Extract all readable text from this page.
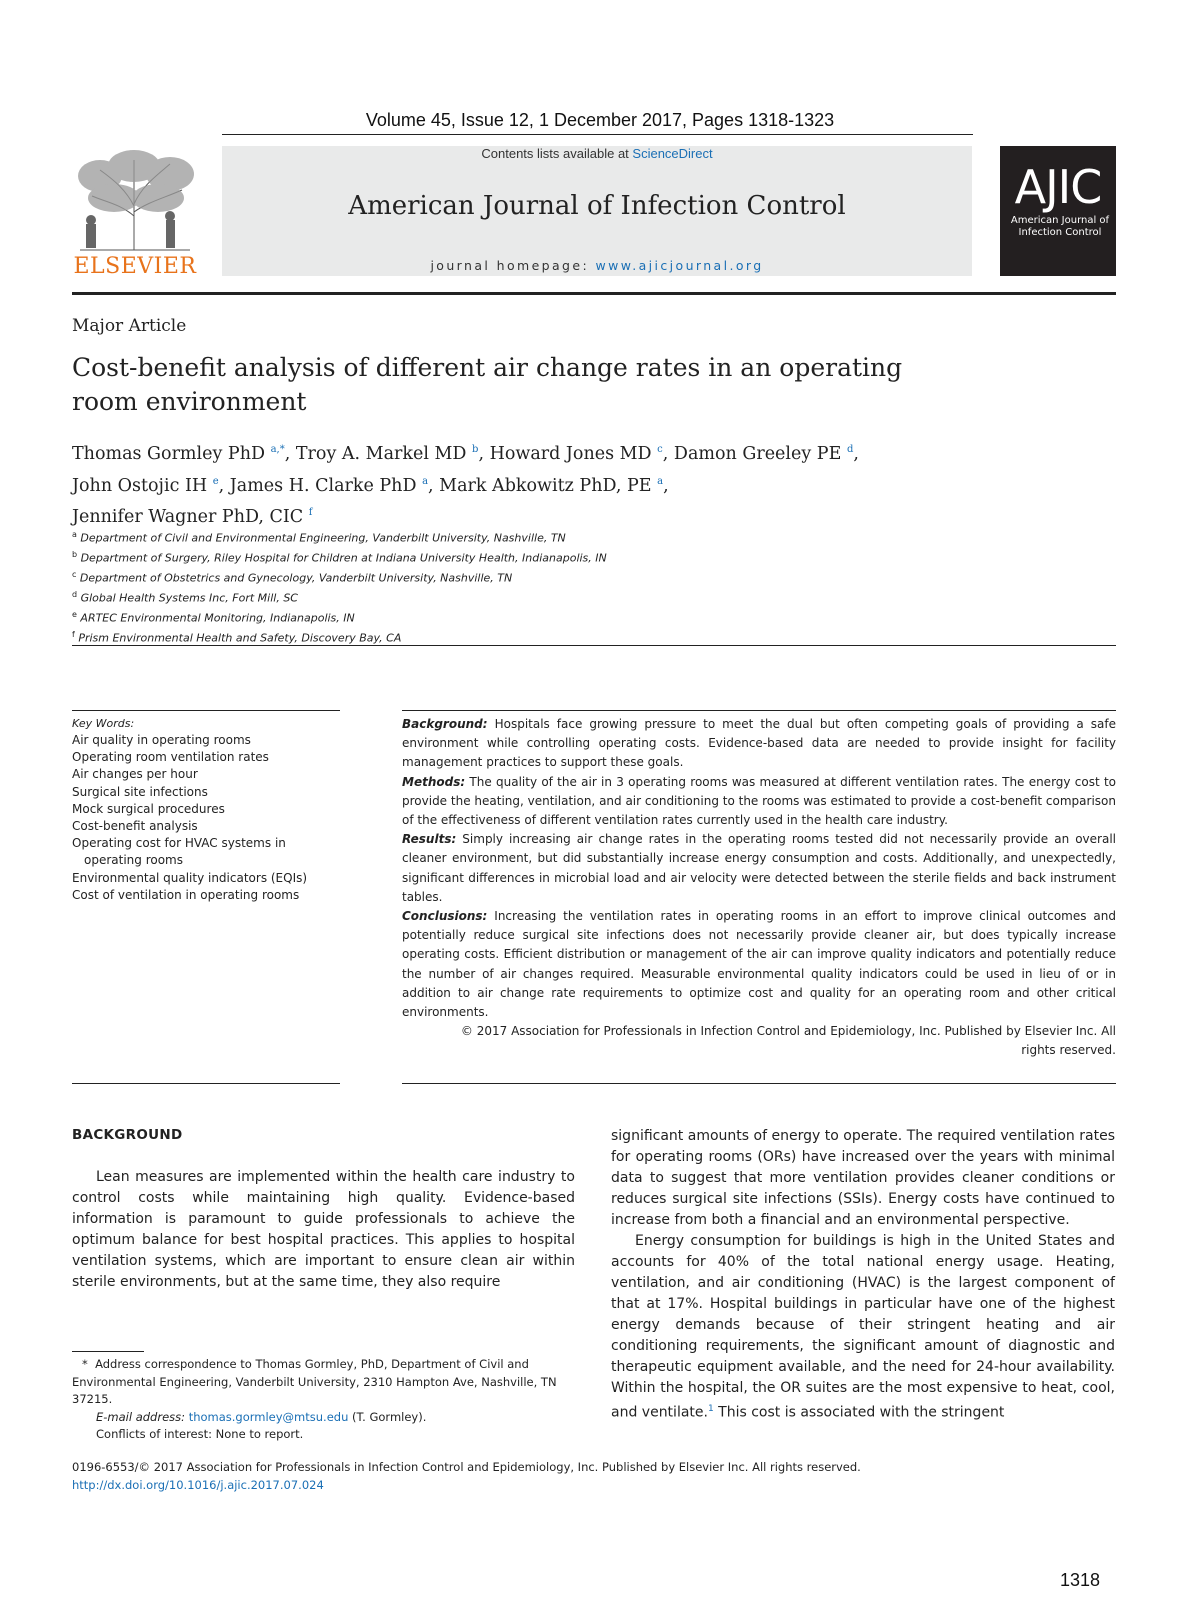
Volume 45, Issue 12, 1 December 2017, Pages 1318-1323
ELSEVIER
Contents lists available at ScienceDirect
American Journal of Infection Control
journal homepage: www.ajicjournal.org
AJIC
American Journal of Infection Control
Major Article
Cost-benefit analysis of different air change rates in an operating room environment
Thomas Gormley PhD $^{a,*}$, Troy A. Markel MD $^b$, Howard Jones MD $^c$, Damon Greeley PE $^d$,
John Ostojic IH $^e$, James H. Clarke PhD $^a$, Mark Abkowitz PhD, PE $^a$,
Jennifer Wagner PhD, CIC $^f$
$^a$ Department of Civil and Environmental Engineering, Vanderbilt University, Nashville, TN
$^b$ Department of Surgery, Riley Hospital for Children at Indiana University Health, Indianapolis, IN
$^c$ Department of Obstetrics and Gynecology, Vanderbilt University, Nashville, TN
$^d$ Global Health Systems Inc, Fort Mill, SC
$^e$ ARTEC Environmental Monitoring, Indianapolis, IN
$^f$ Prism Environmental Health and Safety, Discovery Bay, CA
Key Words:
Air quality in operating rooms
Operating room ventilation rates
Air changes per hour
Surgical site infections
Mock surgical procedures
Cost-benefit analysis
Operating cost for HVAC systems in
operating rooms
Environmental quality indicators (EQIs)
Cost of ventilation in operating rooms
Background: Hospitals face growing pressure to meet the dual but often competing goals of providing a safe environment while controlling operating costs. Evidence-based data are needed to provide insight for facility management practices to support these goals.
Methods: The quality of the air in 3 operating rooms was measured at different ventilation rates. The energy cost to provide the heating, ventilation, and air conditioning to the rooms was estimated to provide a cost-benefit comparison of the effectiveness of different ventilation rates currently used in the health care industry.
Results: Simply increasing air change rates in the operating rooms tested did not necessarily provide an overall cleaner environment, but did substantially increase energy consumption and costs. Additionally, and unexpectedly, significant differences in microbial load and air velocity were detected between the sterile fields and back instrument tables.
Conclusions: Increasing the ventilation rates in operating rooms in an effort to improve clinical outcomes and potentially reduce surgical site infections does not necessarily provide cleaner air, but does typically increase operating costs. Efficient distribution or management of the air can improve quality indicators and potentially reduce the number of air changes required. Measurable environmental quality indicators could be used in lieu of or in addition to air change rate requirements to optimize cost and quality for an operating room and other critical environments.
© 2017 Association for Professionals in Infection Control and Epidemiology, Inc. Published by Elsevier Inc. All rights reserved.
BACKGROUND

Lean measures are implemented within the health care industry to control costs while maintaining high quality. Evidence-based information is paramount to guide professionals to achieve the optimum balance for best hospital practices. This applies to hospital ventilation systems, which are important to ensure clean air within sterile environments, but at the same time, they also require

significant amounts of energy to operate. The required ventilation rates for operating rooms (ORs) have increased over the years with minimal data to suggest that more ventilation provides cleaner conditions or reduces surgical site infections (SSIs). Energy costs have continued to increase from both a financial and an environmental perspective.

Energy consumption for buildings is high in the United States and accounts for 40% of the total national energy usage. Heating, ventilation, and air conditioning (HVAC) is the largest component of that at 17%. Hospital buildings in particular have one of the highest energy demands because of their stringent heating and air conditioning requirements, the significant amount of diagnostic and therapeutic equipment available, and the need for 24-hour availability. Within the hospital, the OR suites are the most expensive to heat, cool, and ventilate.$^1$ This cost is associated with the stringent

* Address correspondence to Thomas Gormley, PhD, Department of Civil and Environmental Engineering, Vanderbilt University, 2310 Hampton Ave, Nashville, TN 37215.
E-mail address: thomas.gormley@mtsu.edu (T. Gormley).
Conflicts of interest: None to report.
0196-6553/© 2017 Association for Professionals in Infection Control and Epidemiology, Inc. Published by Elsevier Inc. All rights reserved.
http://dx.doi.org/10.1016/j.ajic.2017.07.024
1318
